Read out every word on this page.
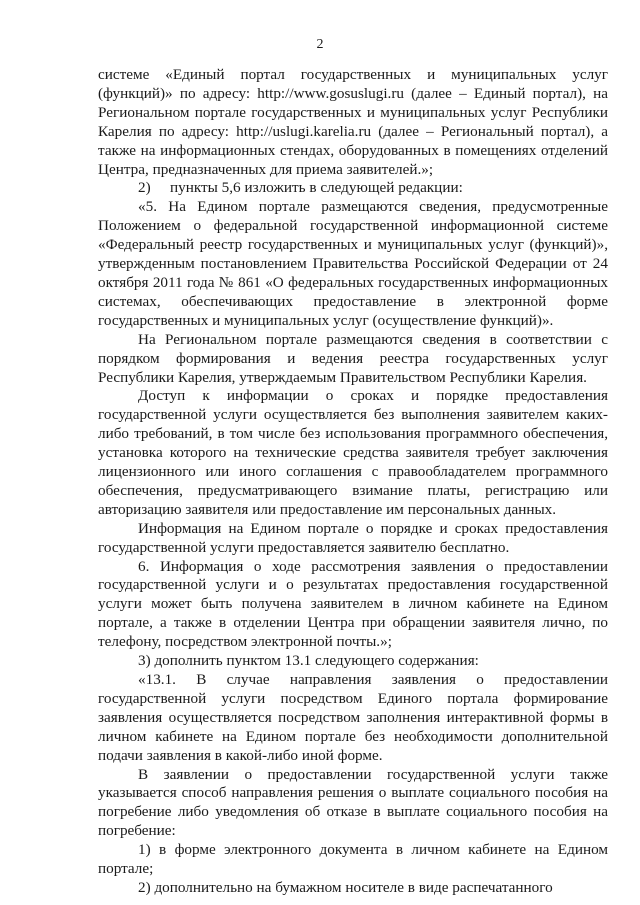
2

системе «Единый портал государственных и муниципальных услуг (функций)» по адресу: http://www.gosuslugi.ru (далее – Единый портал), на Региональном портале государственных и муниципальных услуг Республики Карелия по адресу: http://uslugi.karelia.ru (далее – Региональный портал), а также на информационных стендах, оборудованных в помещениях отделений Центра, предназначенных для приема заявителей.»;

2) пункты 5,6 изложить в следующей редакции:

«5. На Едином портале размещаются сведения, предусмотренные Положением о федеральной государственной информационной системе «Федеральный реестр государственных и муниципальных услуг (функций)», утвержденным постановлением Правительства Российской Федерации от 24 октября 2011 года № 861 «О федеральных государственных информационных системах, обеспечивающих предоставление в электронной форме государственных и муниципальных услуг (осуществление функций)».

На Региональном портале размещаются сведения в соответствии с порядком формирования и ведения реестра государственных услуг Республики Карелия, утверждаемым Правительством Республики Карелия.

Доступ к информации о сроках и порядке предоставления государственной услуги осуществляется без выполнения заявителем каких-либо требований, в том числе без использования программного обеспечения, установка которого на технические средства заявителя требует заключения лицензионного или иного соглашения с правообладателем программного обеспечения, предусматривающего взимание платы, регистрацию или авторизацию заявителя или предоставление им персональных данных.

Информация на Едином портале о порядке и сроках предоставления государственной услуги предоставляется заявителю бесплатно.

6. Информация о ходе рассмотрения заявления о предоставлении государственной услуги и о результатах предоставления государственной услуги может быть получена заявителем в личном кабинете на Едином портале, а также в отделении Центра при обращении заявителя лично, по телефону, посредством электронной почты.»;

3) дополнить пунктом 13.1 следующего содержания:

«13.1. В случае направления заявления о предоставлении государственной услуги посредством Единого портала формирование заявления осуществляется посредством заполнения интерактивной формы в личном кабинете на Едином портале без необходимости дополнительной подачи заявления в какой-либо иной форме.

В заявлении о предоставлении государственной услуги также указывается способ направления решения о выплате социального пособия на погребение либо уведомления об отказе в выплате социального пособия на погребение:

1) в форме электронного документа в личном кабинете на Едином портале;

2) дополнительно на бумажном носителе в виде распечатанного
